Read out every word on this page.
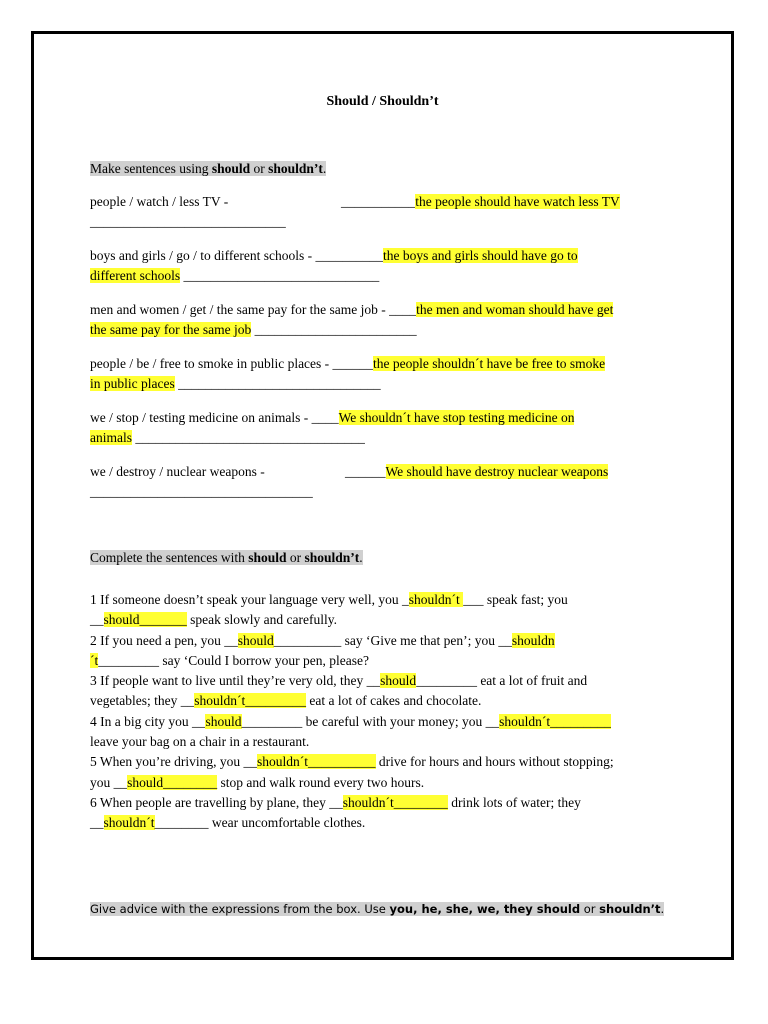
Should / Shouldn’t
Make sentences using should or shouldn’t.
people / watch / less TV -	___________the people should have watch less TV
_____________________________
boys and girls / go / to different schools - __________the boys and girls should have go to
different schools _____________________________
men and women / get / the same pay for the same job - ____the men and woman should have get
the same pay for the same job ________________________
people / be / free to smoke in public places - ______the people shouldn´t have be free to smoke
in public places ______________________________
we / stop / testing medicine on animals - ____We shouldn´t have stop testing medicine on
animals __________________________________
we / destroy / nuclear weapons -	______We should have destroy nuclear weapons
_________________________________
Complete the sentences with should or shouldn’t.
1 If someone doesn’t speak your language very well, you _shouldn´t ___ speak fast; you
__should_______ speak slowly and carefully.
2 If you need a pen, you __should__________ say ‘Give me that pen’; you __shouldn
´t_________ say ‘Could I borrow your pen, please?
3 If people want to live until they’re very old, they __should_________ eat a lot of fruit and
vegetables; they __shouldn´t_________ eat a lot of cakes and chocolate.
4 In a big city you __should_________ be careful with your money; you __shouldn´t_________
leave your bag on a chair in a restaurant.
5 When you’re driving, you __shouldn´t__________ drive for hours and hours without stopping;
you __should________ stop and walk round every two hours.
6 When people are travelling by plane, they __shouldn´t________ drink lots of water; they
__shouldn´t________ wear uncomfortable clothes.
Give advice with the expressions from the box. Use you, he, she, we, they should or shouldn’t.
